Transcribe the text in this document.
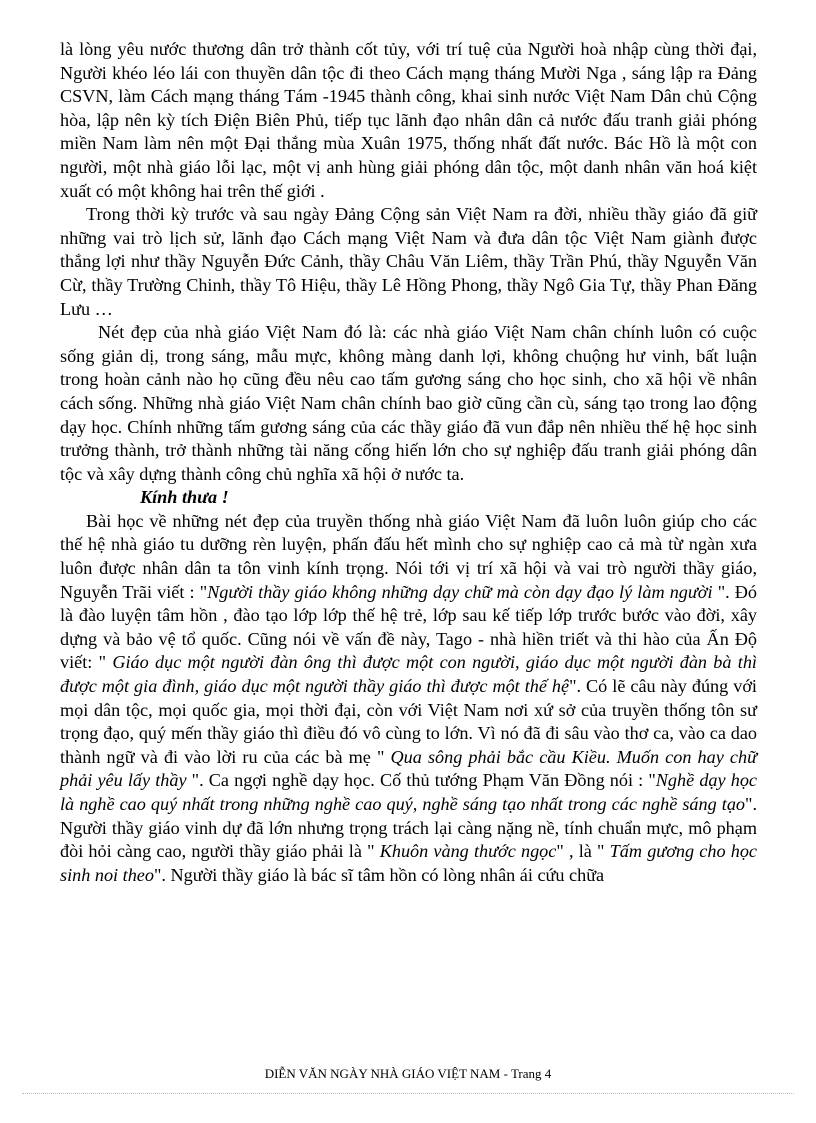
là lòng yêu nước thương dân trở thành cốt tủy, với trí tuệ của Người hoà nhập cùng thời đại, Người khéo léo lái con thuyền dân tộc đi theo Cách mạng tháng Mười Nga , sáng lập ra Đảng CSVN, làm Cách mạng tháng Tám -1945 thành công, khai sinh nước Việt Nam Dân chủ Cộng hòa, lập nên kỳ tích Điện Biên Phủ, tiếp tục lãnh đạo nhân dân cả nước đấu tranh giải phóng miền Nam làm nên một Đại thắng mùa Xuân 1975, thống nhất đất nước. Bác Hồ là một con người, một nhà giáo lỗi lạc, một vị anh hùng giải phóng dân tộc, một danh nhân văn hoá kiệt xuất có một không hai trên thế giới .

Trong thời kỳ trước và sau ngày Đảng Cộng sản Việt Nam ra đời, nhiều thầy giáo đã giữ những vai trò lịch sử, lãnh đạo Cách mạng Việt Nam và đưa dân tộc Việt Nam giành được thắng lợi như thầy Nguyễn Đức Cảnh, thầy Châu Văn Liêm, thầy Trần Phú, thầy Nguyễn Văn Cừ, thầy Trường Chinh, thầy Tô Hiệu, thầy Lê Hồng Phong, thầy Ngô Gia Tự, thầy Phan Đăng Lưu …

Nét đẹp của nhà giáo Việt Nam đó là: các nhà giáo Việt Nam chân chính luôn có cuộc sống giản dị, trong sáng, mẫu mực, không màng danh lợi, không chuộng hư vinh, bất luận trong hoàn cảnh nào họ cũng đều nêu cao tấm gương sáng cho học sinh, cho xã hội về nhân cách sống. Những nhà giáo Việt Nam chân chính bao giờ cũng cần cù, sáng tạo trong lao động dạy học. Chính những tấm gương sáng của các thầy giáo đã vun đắp nên nhiều thế hệ học sinh trưởng thành, trở thành những tài năng cống hiến lớn cho sự nghiệp đấu tranh giải phóng dân tộc và xây dựng thành công chủ nghĩa xã hội ở nước ta.

Kính thưa !

Bài học về những nét đẹp của truyền thống nhà giáo Việt Nam đã luôn luôn giúp cho các thế hệ nhà giáo tu dưỡng rèn luyện, phấn đấu hết mình cho sự nghiệp cao cả mà từ ngàn xưa luôn được nhân dân ta tôn vinh kính trọng. Nói tới vị trí xã hội và vai trò người thầy giáo, Nguyễn Trãi viết : "Người thầy giáo không những dạy chữ mà còn dạy đạo lý làm người ". Đó là đào luyện tâm hồn , đào tạo lớp lớp thế hệ trẻ, lớp sau kế tiếp lớp trước bước vào đời, xây dựng và bảo vệ tổ quốc. Cũng nói về vấn đề này, Tago - nhà hiền triết và thi hào của Ấn Độ viết: " Giáo dục một người đàn ông thì được một con người, giáo dục một người đàn bà thì được một gia đình, giáo dục một người thầy giáo thì được một thế hệ". Có lẽ câu này đúng với mọi dân tộc, mọi quốc gia, mọi thời đại, còn với Việt Nam nơi xứ sở của truyền thống tôn sư trọng đạo, quý mến thầy giáo thì điều đó vô cùng to lớn. Vì nó đã đi sâu vào thơ ca, vào ca dao thành ngữ và đi vào lời ru của các bà mẹ " Qua sông phải bắc cầu Kiều. Muốn con hay chữ phải yêu lấy thầy ". Ca ngợi nghề dạy học. Cố thủ tướng Phạm Văn Đồng nói : "Nghề dạy học là nghề cao quý nhất trong những nghề cao quý, nghề sáng tạo nhất trong các nghề sáng tạo". Người thầy giáo vinh dự đã lớn nhưng trọng trách lại càng nặng nề, tính chuẩn mực, mô phạm đòi hỏi càng cao, người thầy giáo phải là " Khuôn vàng thước ngọc" , là " Tấm gương cho học sinh noi theo". Người thầy giáo là bác sĩ tâm hồn có lòng nhân ái cứu chữa

DIỄN VĂN NGÀY NHÀ GIÁO VIỆT NAM - Trang 4
